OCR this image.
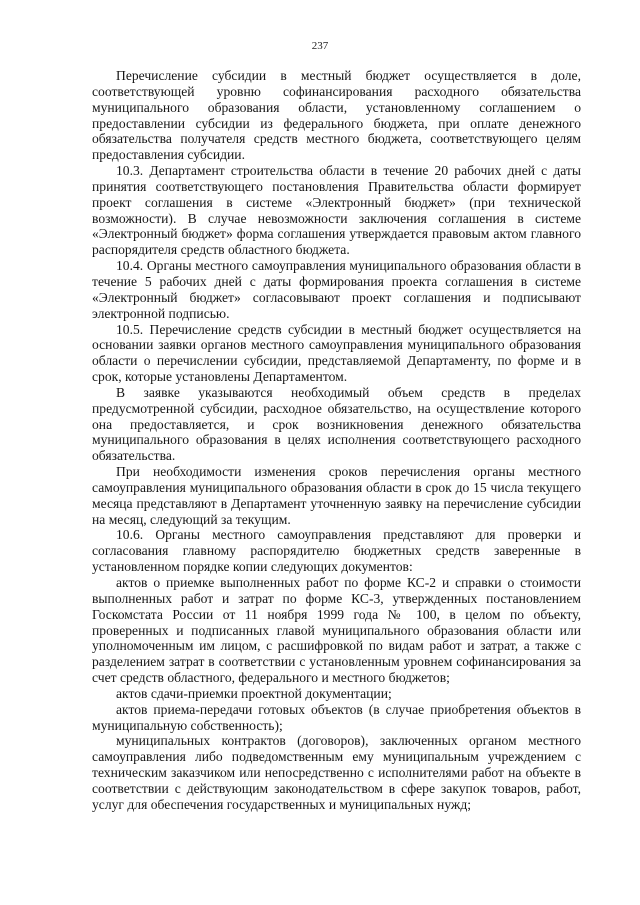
237

Перечисление субсидии в местный бюджет осуществляется в доле, соответствующей уровню софинансирования расходного обязательства муниципального образования области, установленному соглашением о предоставлении субсидии из федерального бюджета, при оплате денежного обязательства получателя средств местного бюджета, соответствующего целям предоставления субсидии.

10.3. Департамент строительства области в течение 20 рабочих дней с даты принятия соответствующего постановления Правительства области формирует проект соглашения в системе «Электронный бюджет» (при технической возможности). В случае невозможности заключения соглашения в системе «Электронный бюджет» форма соглашения утверждается правовым актом главного распорядителя средств областного бюджета.

10.4. Органы местного самоуправления муниципального образования области в течение 5 рабочих дней с даты формирования проекта соглашения в системе «Электронный бюджет» согласовывают проект соглашения и подписывают электронной подписью.

10.5. Перечисление средств субсидии в местный бюджет осуществляется на основании заявки органов местного самоуправления муниципального образования области о перечислении субсидии, представляемой Департаменту, по форме и в срок, которые установлены Департаментом.

В заявке указываются необходимый объем средств в пределах предусмотренной субсидии, расходное обязательство, на осуществление которого она предоставляется, и срок возникновения денежного обязательства муниципального образования в целях исполнения соответствующего расходного обязательства.

При необходимости изменения сроков перечисления органы местного самоуправления муниципального образования области в срок до 15 числа текущего месяца представляют в Департамент уточненную заявку на перечисление субсидии на месяц, следующий за текущим.

10.6. Органы местного самоуправления представляют для проверки и согласования главному распорядителю бюджетных средств заверенные в установленном порядке копии следующих документов:

актов о приемке выполненных работ по форме КС-2 и справки о стоимости выполненных работ и затрат по форме КС-3, утвержденных постановлением Госкомстата России от 11 ноября 1999 года № 100, в целом по объекту, проверенных и подписанных главой муниципального образования области или уполномоченным им лицом, с расшифровкой по видам работ и затрат, а также с разделением затрат в соответствии с установленным уровнем софинансирования за счет средств областного, федерального и местного бюджетов;

актов сдачи-приемки проектной документации;

актов приема-передачи готовых объектов (в случае приобретения объектов в муниципальную собственность);

муниципальных контрактов (договоров), заключенных органом местного самоуправления либо подведомственным ему муниципальным учреждением с техническим заказчиком или непосредственно с исполнителями работ на объекте в соответствии с действующим законодательством в сфере закупок товаров, работ, услуг для обеспечения государственных и муниципальных нужд;
